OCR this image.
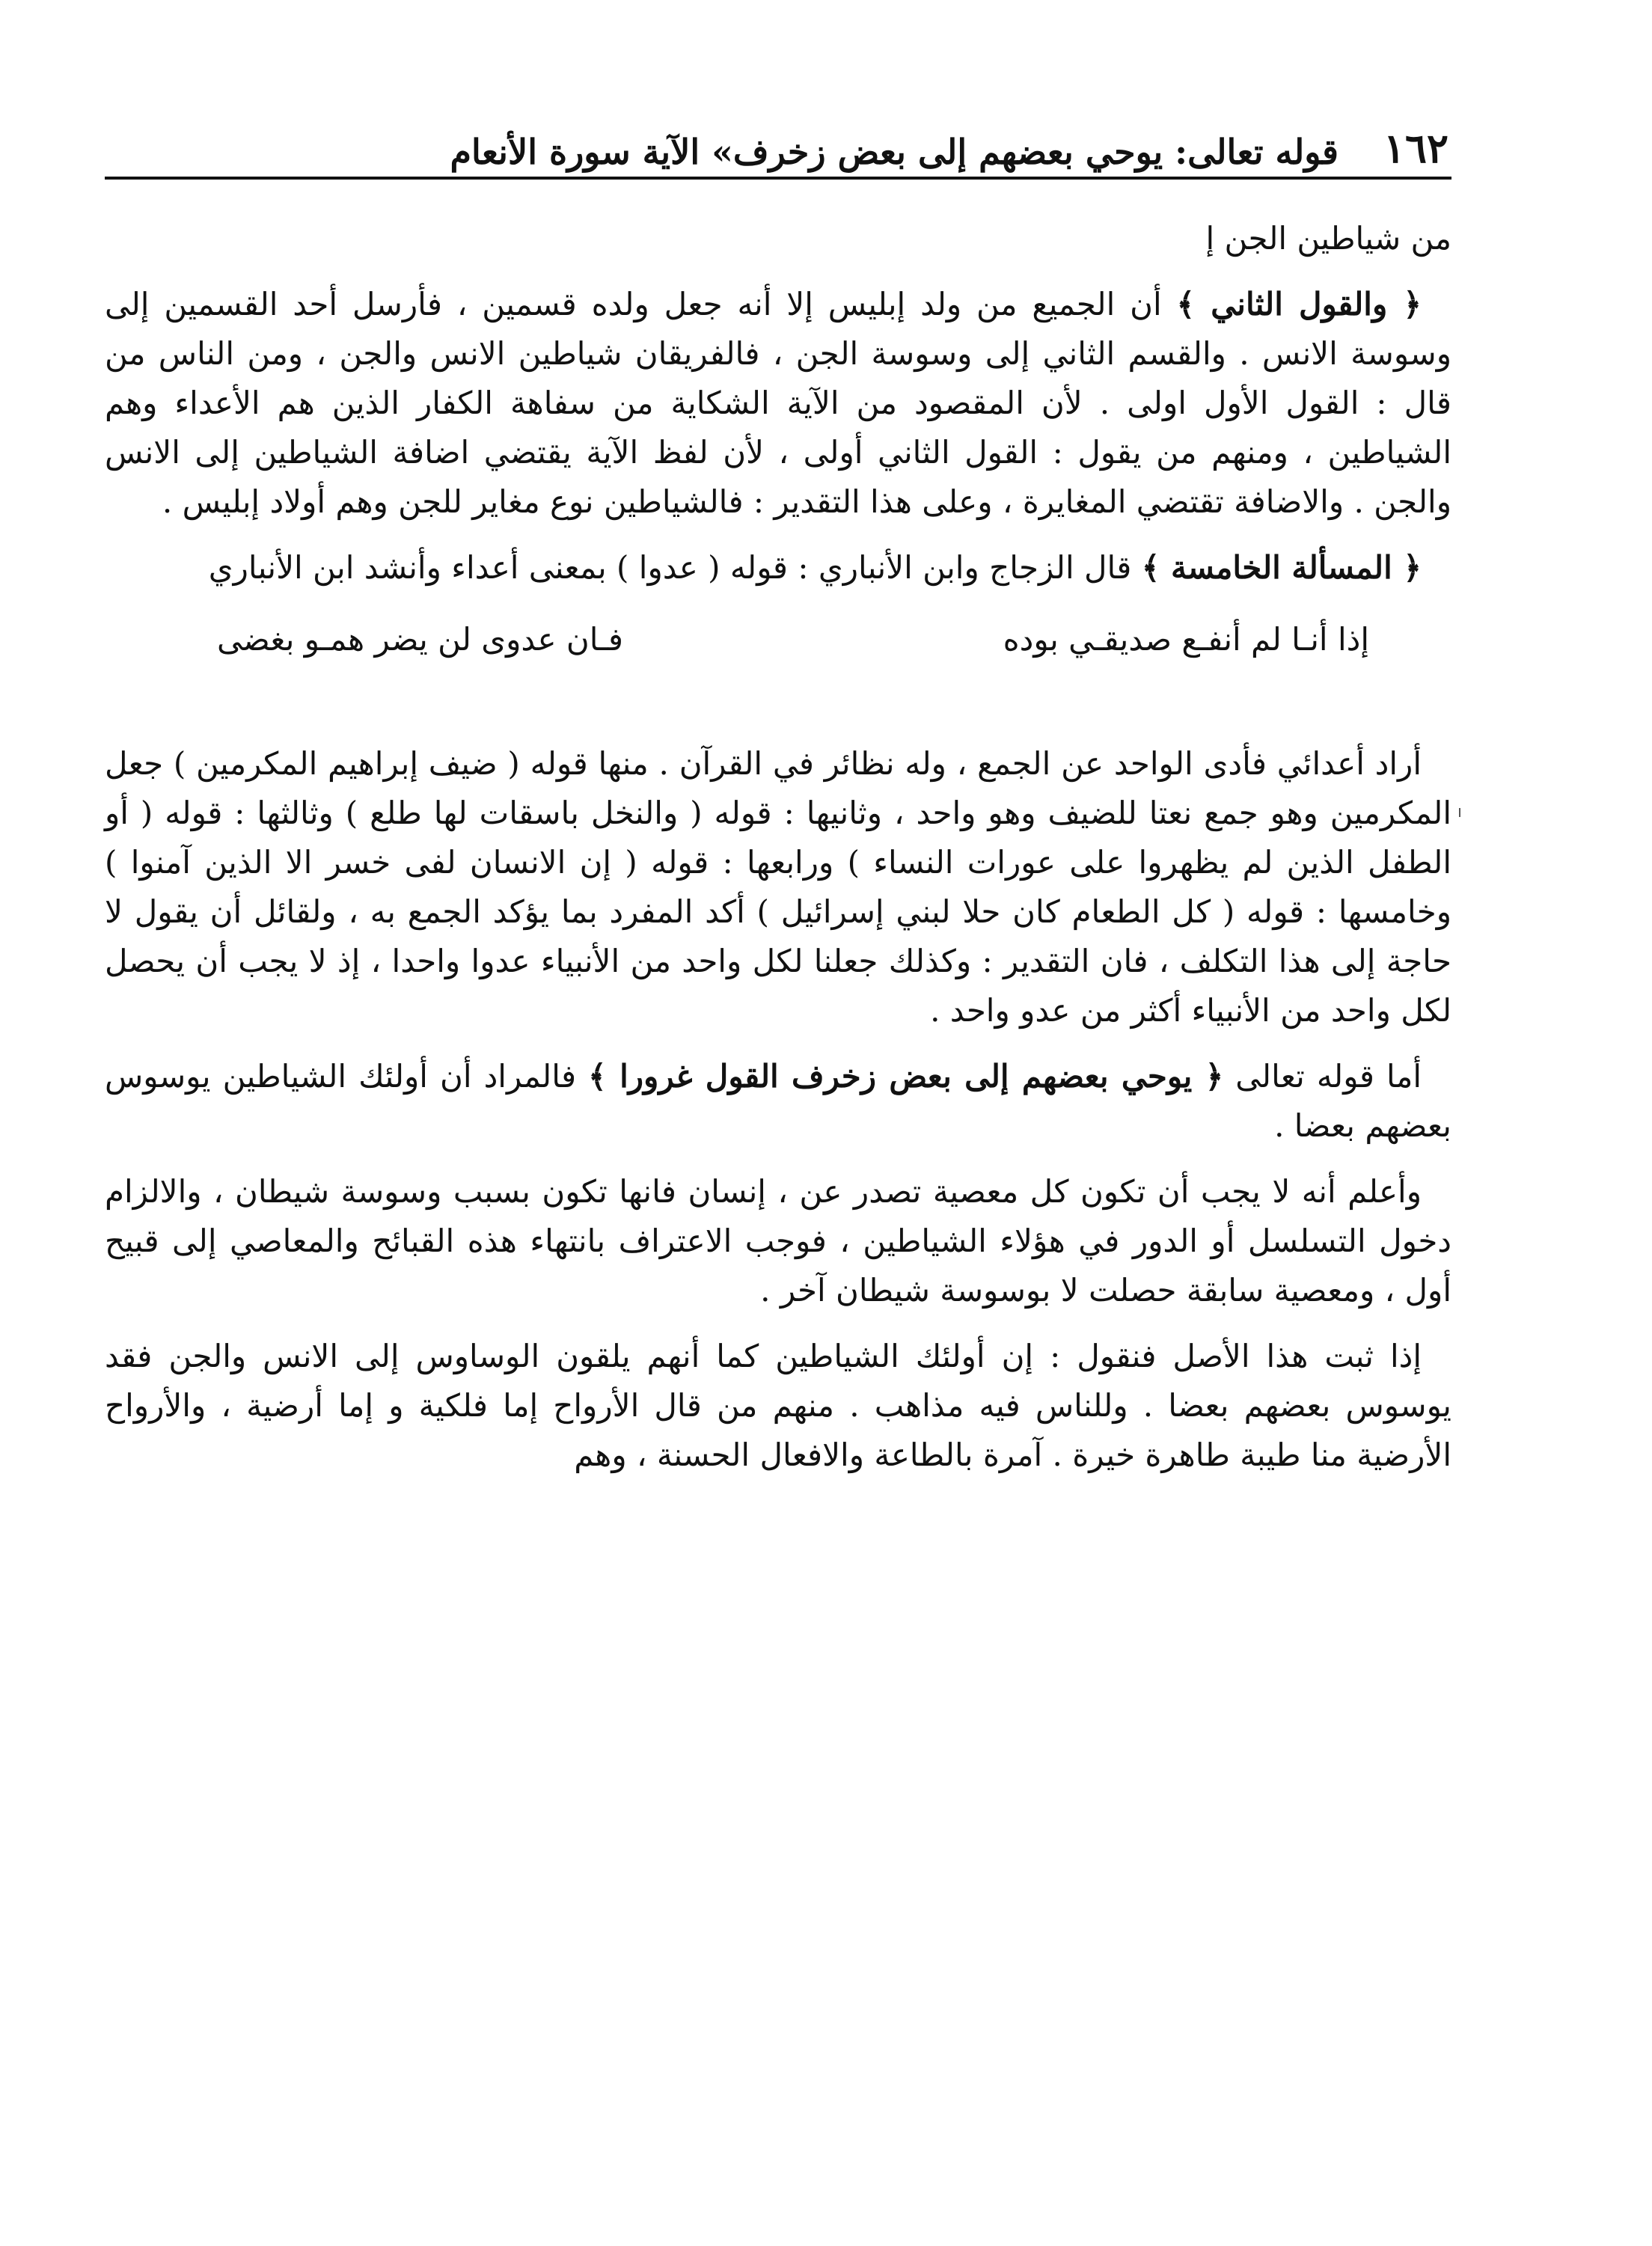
١٦٢
قوله تعالى: يوحي بعضهم إلى بعض زخرف» الآية سورة الأنعام

من شياطين الجن إ

﴿ والقول الثاني ﴾ أن الجميع من ولد إبليس إلا أنه جعل ولده قسمين ، فأرسل أحد القسمين إلى وسوسة الانس . والقسم الثاني إلى وسوسة الجن ، فالفريقان شياطين الانس والجن ، ومن الناس من قال : القول الأول اولى . لأن المقصود من الآية الشكاية من سفاهة الكفار الذين هم الأعداء وهم الشياطين ، ومنهم من يقول : القول الثاني أولى ، لأن لفظ الآية يقتضي اضافة الشياطين إلى الانس والجن . والاضافة تقتضي المغايرة ، وعلى هذا التقدير : فالشياطين نوع مغاير للجن وهم أولاد إبليس .

﴿ المسألة الخامسة ﴾ قال الزجاج وابن الأنباري : قوله ( عدوا ) بمعنى أعداء وأنشد ابن الأنباري

إذا أنـا لم أنفـع صديقـي بوده
فـان عدوى لن يضر همـو بغضى

أراد أعدائي فأدى الواحد عن الجمع ، وله نظائر في القرآن . منها قوله ( ضيف إبراهيم المكرمين ) جعل المكرمين وهو جمع نعتا للضيف وهو واحد ، وثانيها : قوله ( والنخل باسقات لها طلع ) وثالثها : قوله ( أو الطفل الذين لم يظهروا على عورات النساء ) ورابعها : قوله ( إن الانسان لفى خسر الا الذين آمنوا ) وخامسها : قوله ( كل الطعام كان حلا لبني إسرائيل ) أكد المفرد بما يؤكد الجمع به ، ولقائل أن يقول لا حاجة إلى هذا التكلف ، فان التقدير : وكذلك جعلنا لكل واحد من الأنبياء عدوا واحدا ، إذ لا يجب أن يحصل لكل واحد من الأنبياء أكثر من عدو واحد .

أما قوله تعالى ﴿ يوحي بعضهم إلى بعض زخرف القول غرورا ﴾ فالمراد أن أولئك الشياطين يوسوس بعضهم بعضا .

وأعلم أنه لا يجب أن تكون كل معصية تصدر عن ، إنسان فانها تكون بسبب وسوسة شيطان ، والالزام دخول التسلسل أو الدور في هؤلاء الشياطين ، فوجب الاعتراف بانتهاء هذه القبائح والمعاصي إلى قبيح أول ، ومعصية سابقة حصلت لا بوسوسة شيطان آخر .

إذا ثبت هذا الأصل فنقول : إن أولئك الشياطين كما أنهم يلقون الوساوس إلى الانس والجن فقد يوسوس بعضهم بعضا . وللناس فيه مذاهب . منهم من قال الأرواح إما فلكية و إما أرضية ، والأرواح الأرضية منا طيبة طاهرة خيرة . آمرة بالطاعة والافعال الحسنة ، وهم
